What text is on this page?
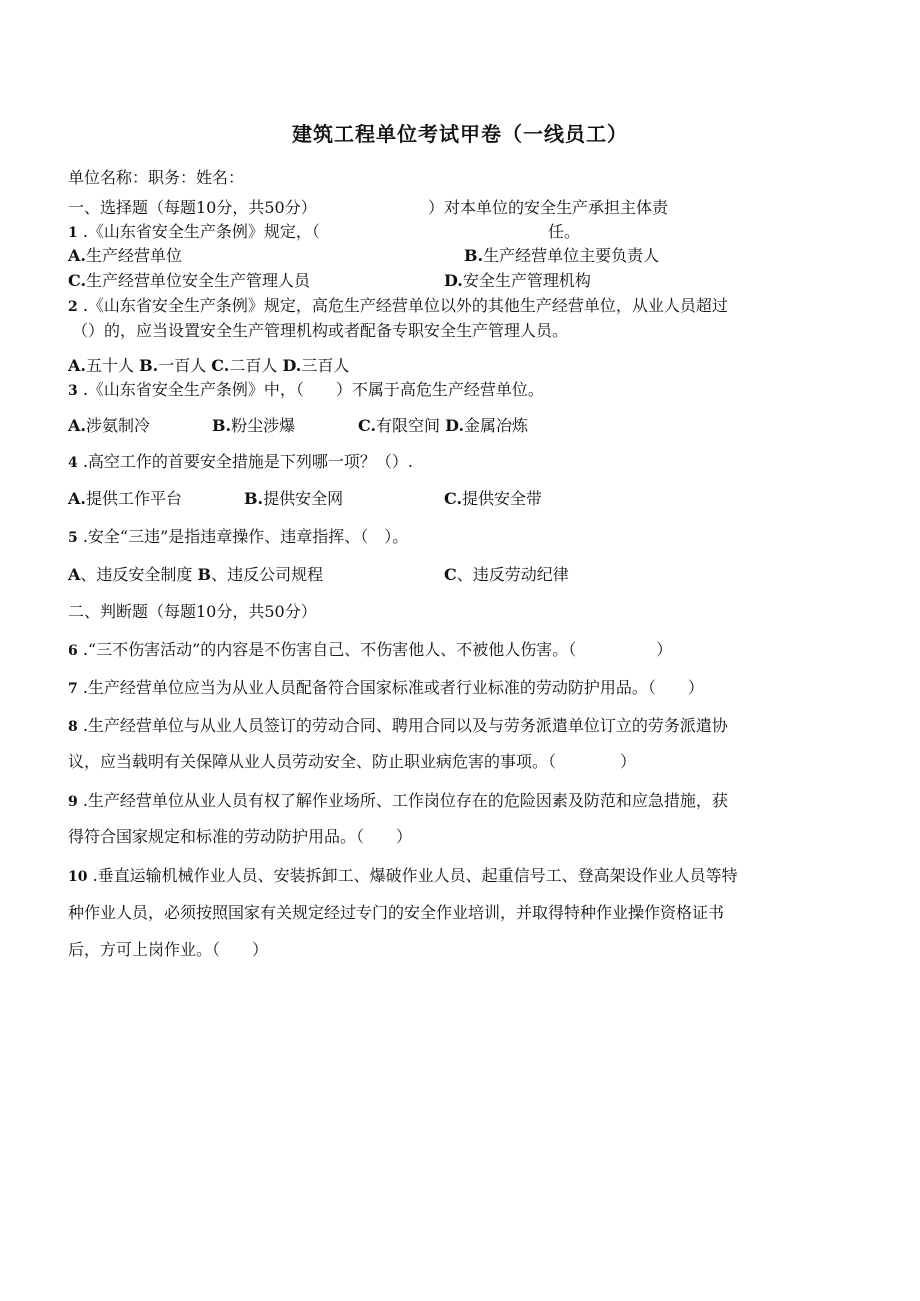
建筑工程单位考试甲卷（一线员工）
单位名称：职务：姓名：
一、选择题（每题10分，共50分）	）对本单位的安全生产承担主体责
1 .《山东省安全生产条例》规定，（	任。
A.生产经营单位	B.生产经营单位主要负责人
C.生产经营单位安全生产管理人员	D.安全生产管理机构
2 .《山东省安全生产条例》规定，高危生产经营单位以外的其他生产经营单位，从业人员超过
（）的，应当设置安全生产管理机构或者配备专职安全生产管理人员。
A.五十人 B.一百人 C.二百人 D.三百人
3 .《山东省安全生产条例》中，（　　）不属于高危生产经营单位。
A.涉氨制冷	B.粉尘涉爆	C.有限空间 D.金属冶炼
4 .高空工作的首要安全措施是下列哪一项？（）.
A.提供工作平台	B.提供安全网	C.提供安全带
5 .安全“三违”是指违章操作、违章指挥、（　）。
A、违反安全制度 B、违反公司规程	C、违反劳动纪律
二、判断题（每题10分，共50分）
6 .“三不伤害活动”的内容是不伤害自己、不伤害他人、不被他人伤害。（　　　　　）
7 .生产经营单位应当为从业人员配备符合国家标准或者行业标准的劳动防护用品。（　　）
8 .生产经营单位与从业人员签订的劳动合同、聘用合同以及与劳务派遣单位订立的劳务派遣协
议，应当载明有关保障从业人员劳动安全、防止职业病危害的事项。（　　　　）
9 .生产经营单位从业人员有权了解作业场所、工作岗位存在的危险因素及防范和应急措施，获
得符合国家规定和标准的劳动防护用品。（　　）
10 .垂直运输机械作业人员、安装拆卸工、爆破作业人员、起重信号工、登高架设作业人员等特
种作业人员，必须按照国家有关规定经过专门的安全作业培训，并取得特种作业操作资格证书
后，方可上岗作业。（　　）
